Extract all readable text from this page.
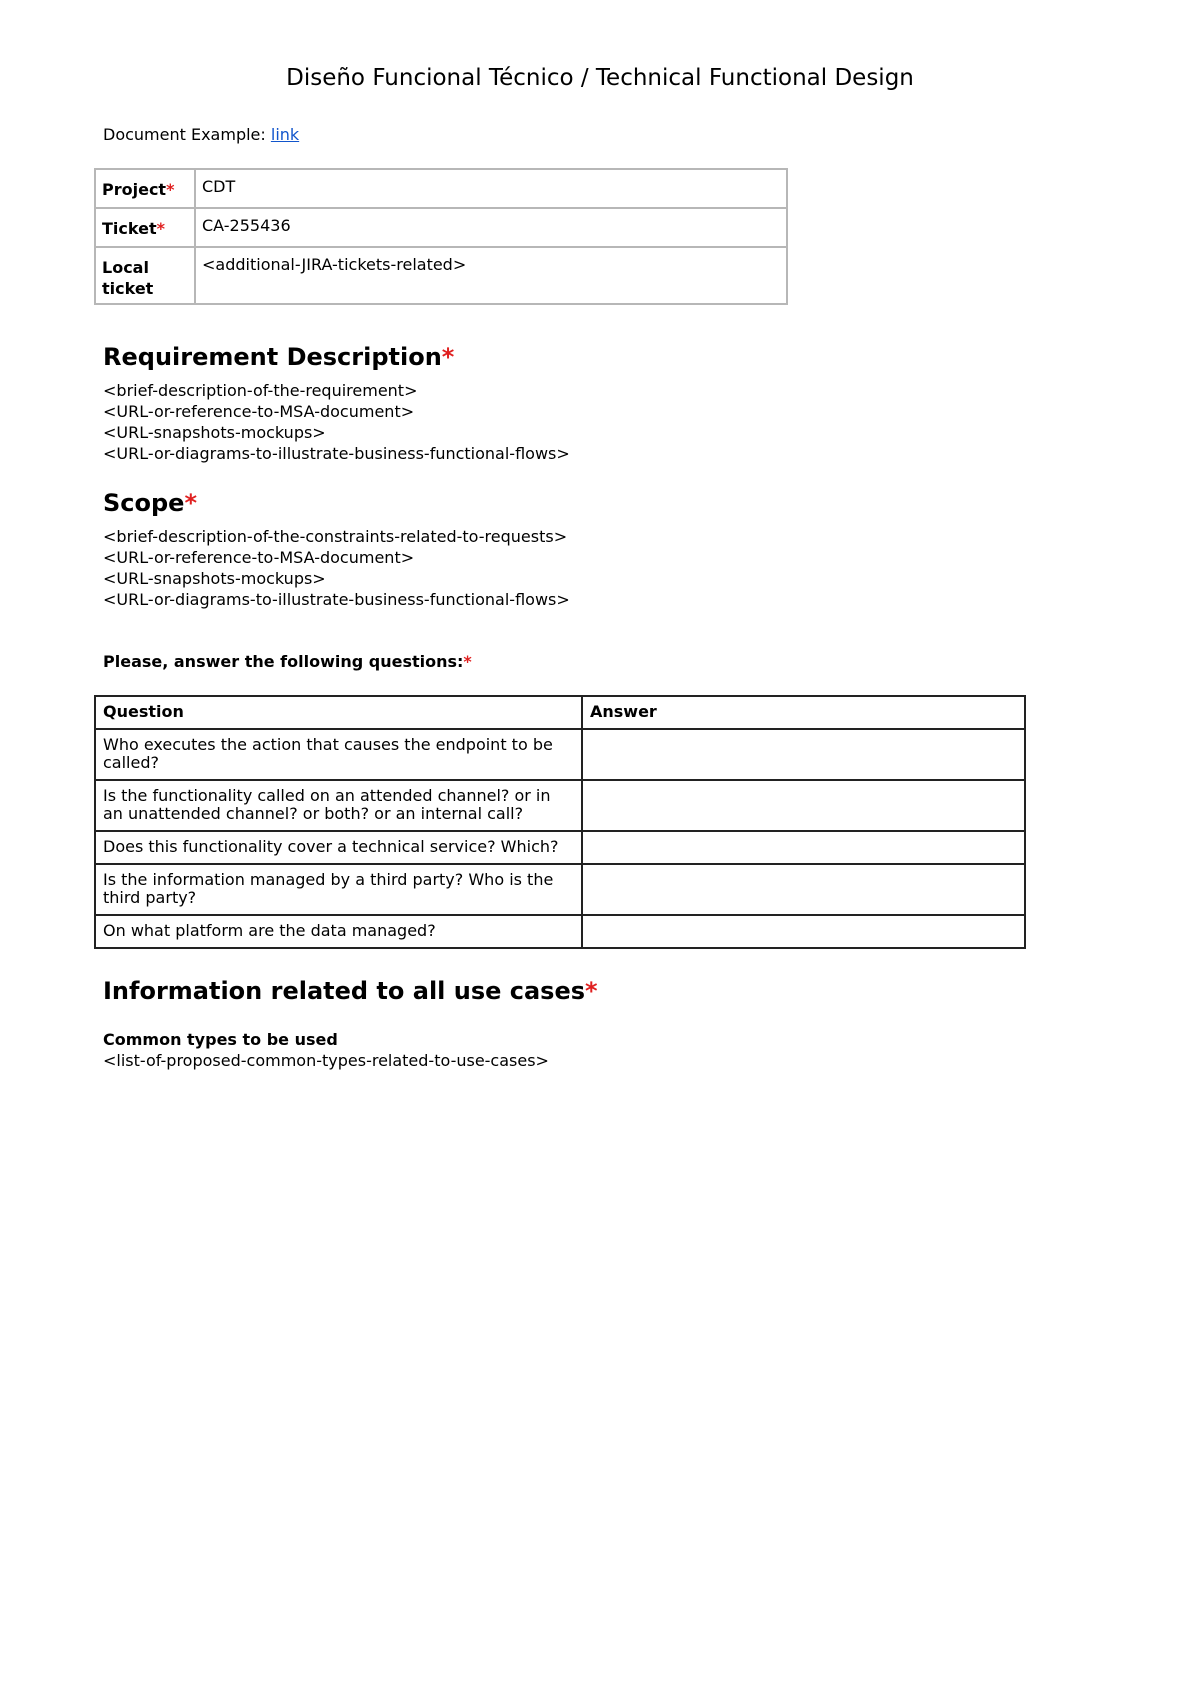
Diseño Funcional Técnico / Technical Functional Design
Document Example: link
Project*	CDT
Ticket*	CA-255436
Local ticket	<additional-JIRA-tickets-related>
Requirement Description*
<brief-description-of-the-requirement>
<URL-or-reference-to-MSA-document>
<URL-snapshots-mockups>
<URL-or-diagrams-to-illustrate-business-functional-flows>
Scope*
<brief-description-of-the-constraints-related-to-requests>
<URL-or-reference-to-MSA-document>
<URL-snapshots-mockups>
<URL-or-diagrams-to-illustrate-business-functional-flows>
Please, answer the following questions:*
Question	Answer
Who executes the action that causes the endpoint to be called?	
Is the functionality called on an attended channel? or in an unattended channel? or both? or an internal call?	
Does this functionality cover a technical service? Which?	
Is the information managed by a third party? Who is the third party?	
On what platform are the data managed?	
Information related to all use cases*
Common types to be used
<list-of-proposed-common-types-related-to-use-cases>
